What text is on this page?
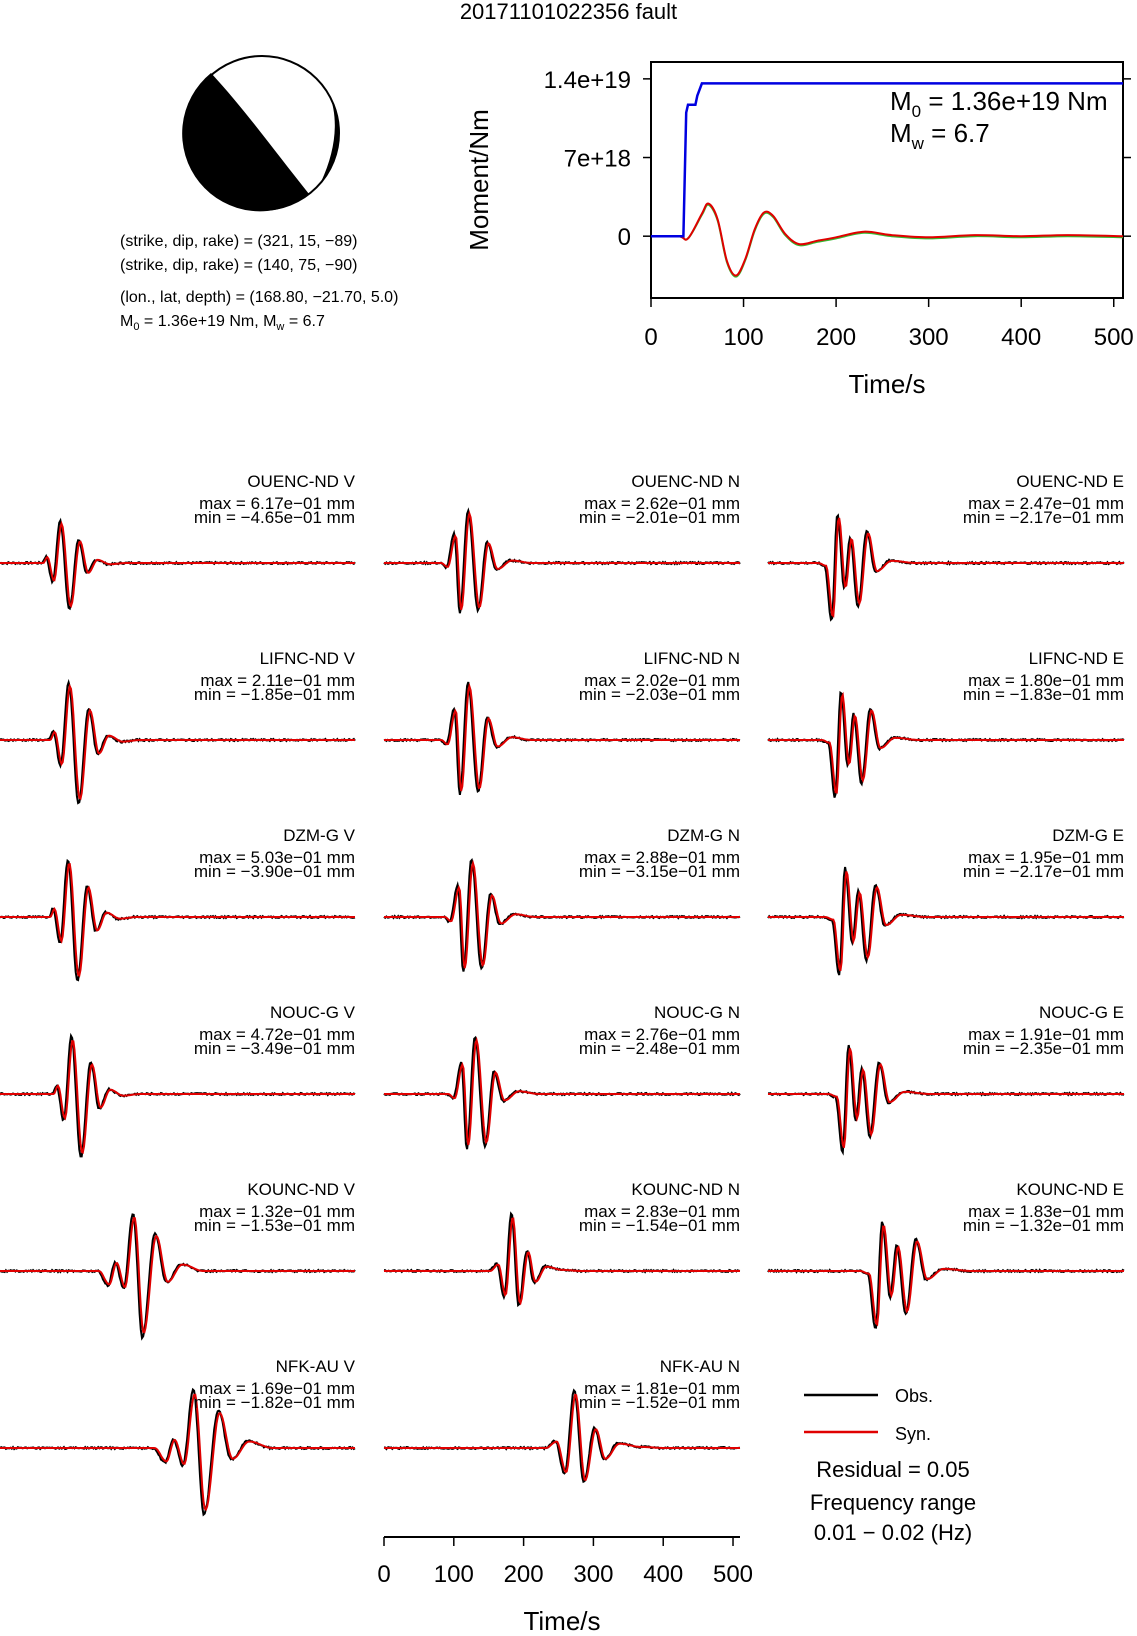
20171101022356 fault
(strike, dip, rake) = (321, 15, −89)
(strike, dip, rake) = (140, 75, −90)
(lon., lat, depth) = (168.80, −21.70, 5.0)
$M_0 = 1.36e+19$ Nm, $M_w = 6.7$
0
7e+18
1.4e+19
0	100 200 300 400 500
$M_0 = 1.36e+19$ Nm
$M_w = 6.7$
Moment/Nm
Time/s
OUENC-ND V
max = 6.17e−01 mm
min = −4.65e−01 mm
OUENC-ND N
max = 2.62e−01 mm
min = −2.01e−01 mm
OUENC-ND E
max = 2.47e−01 mm
min = −2.17e−01 mm
LIFNC-ND V
max = 2.11e−01 mm
min = −1.85e−01 mm
LIFNC-ND N
max = 2.02e−01 mm
min = −2.03e−01 mm
LIFNC-ND E
max = 1.80e−01 mm
min = −1.83e−01 mm
DZM-G V
max = 5.03e−01 mm
min = −3.90e−01 mm
DZM-G N
max = 2.88e−01 mm
min = −3.15e−01 mm
DZM-G E
max = 1.95e−01 mm
min = −2.17e−01 mm
NOUC-G V
max = 4.72e−01 mm
min = −3.49e−01 mm
NOUC-G N
max = 2.76e−01 mm
min = −2.48e−01 mm
NOUC-G E
max = 1.91e−01 mm
min = −2.35e−01 mm
KOUNC-ND V
max = 1.32e−01 mm
min = −1.53e−01 mm
KOUNC-ND N
max = 2.83e−01 mm
min = −1.54e−01 mm
KOUNC-ND E
max = 1.83e−01 mm
min = −1.32e−01 mm
NFK-AU V
max = 1.69e−01 mm
min = −1.82e−01 mm
NFK-AU N
max = 1.81e−01 mm
min = −1.52e−01 mm
0 100 200 300 400 500
Time/s
Obs.
Syn.
Residual = 0.05
Frequency range
0.01 − 0.02 (Hz)
